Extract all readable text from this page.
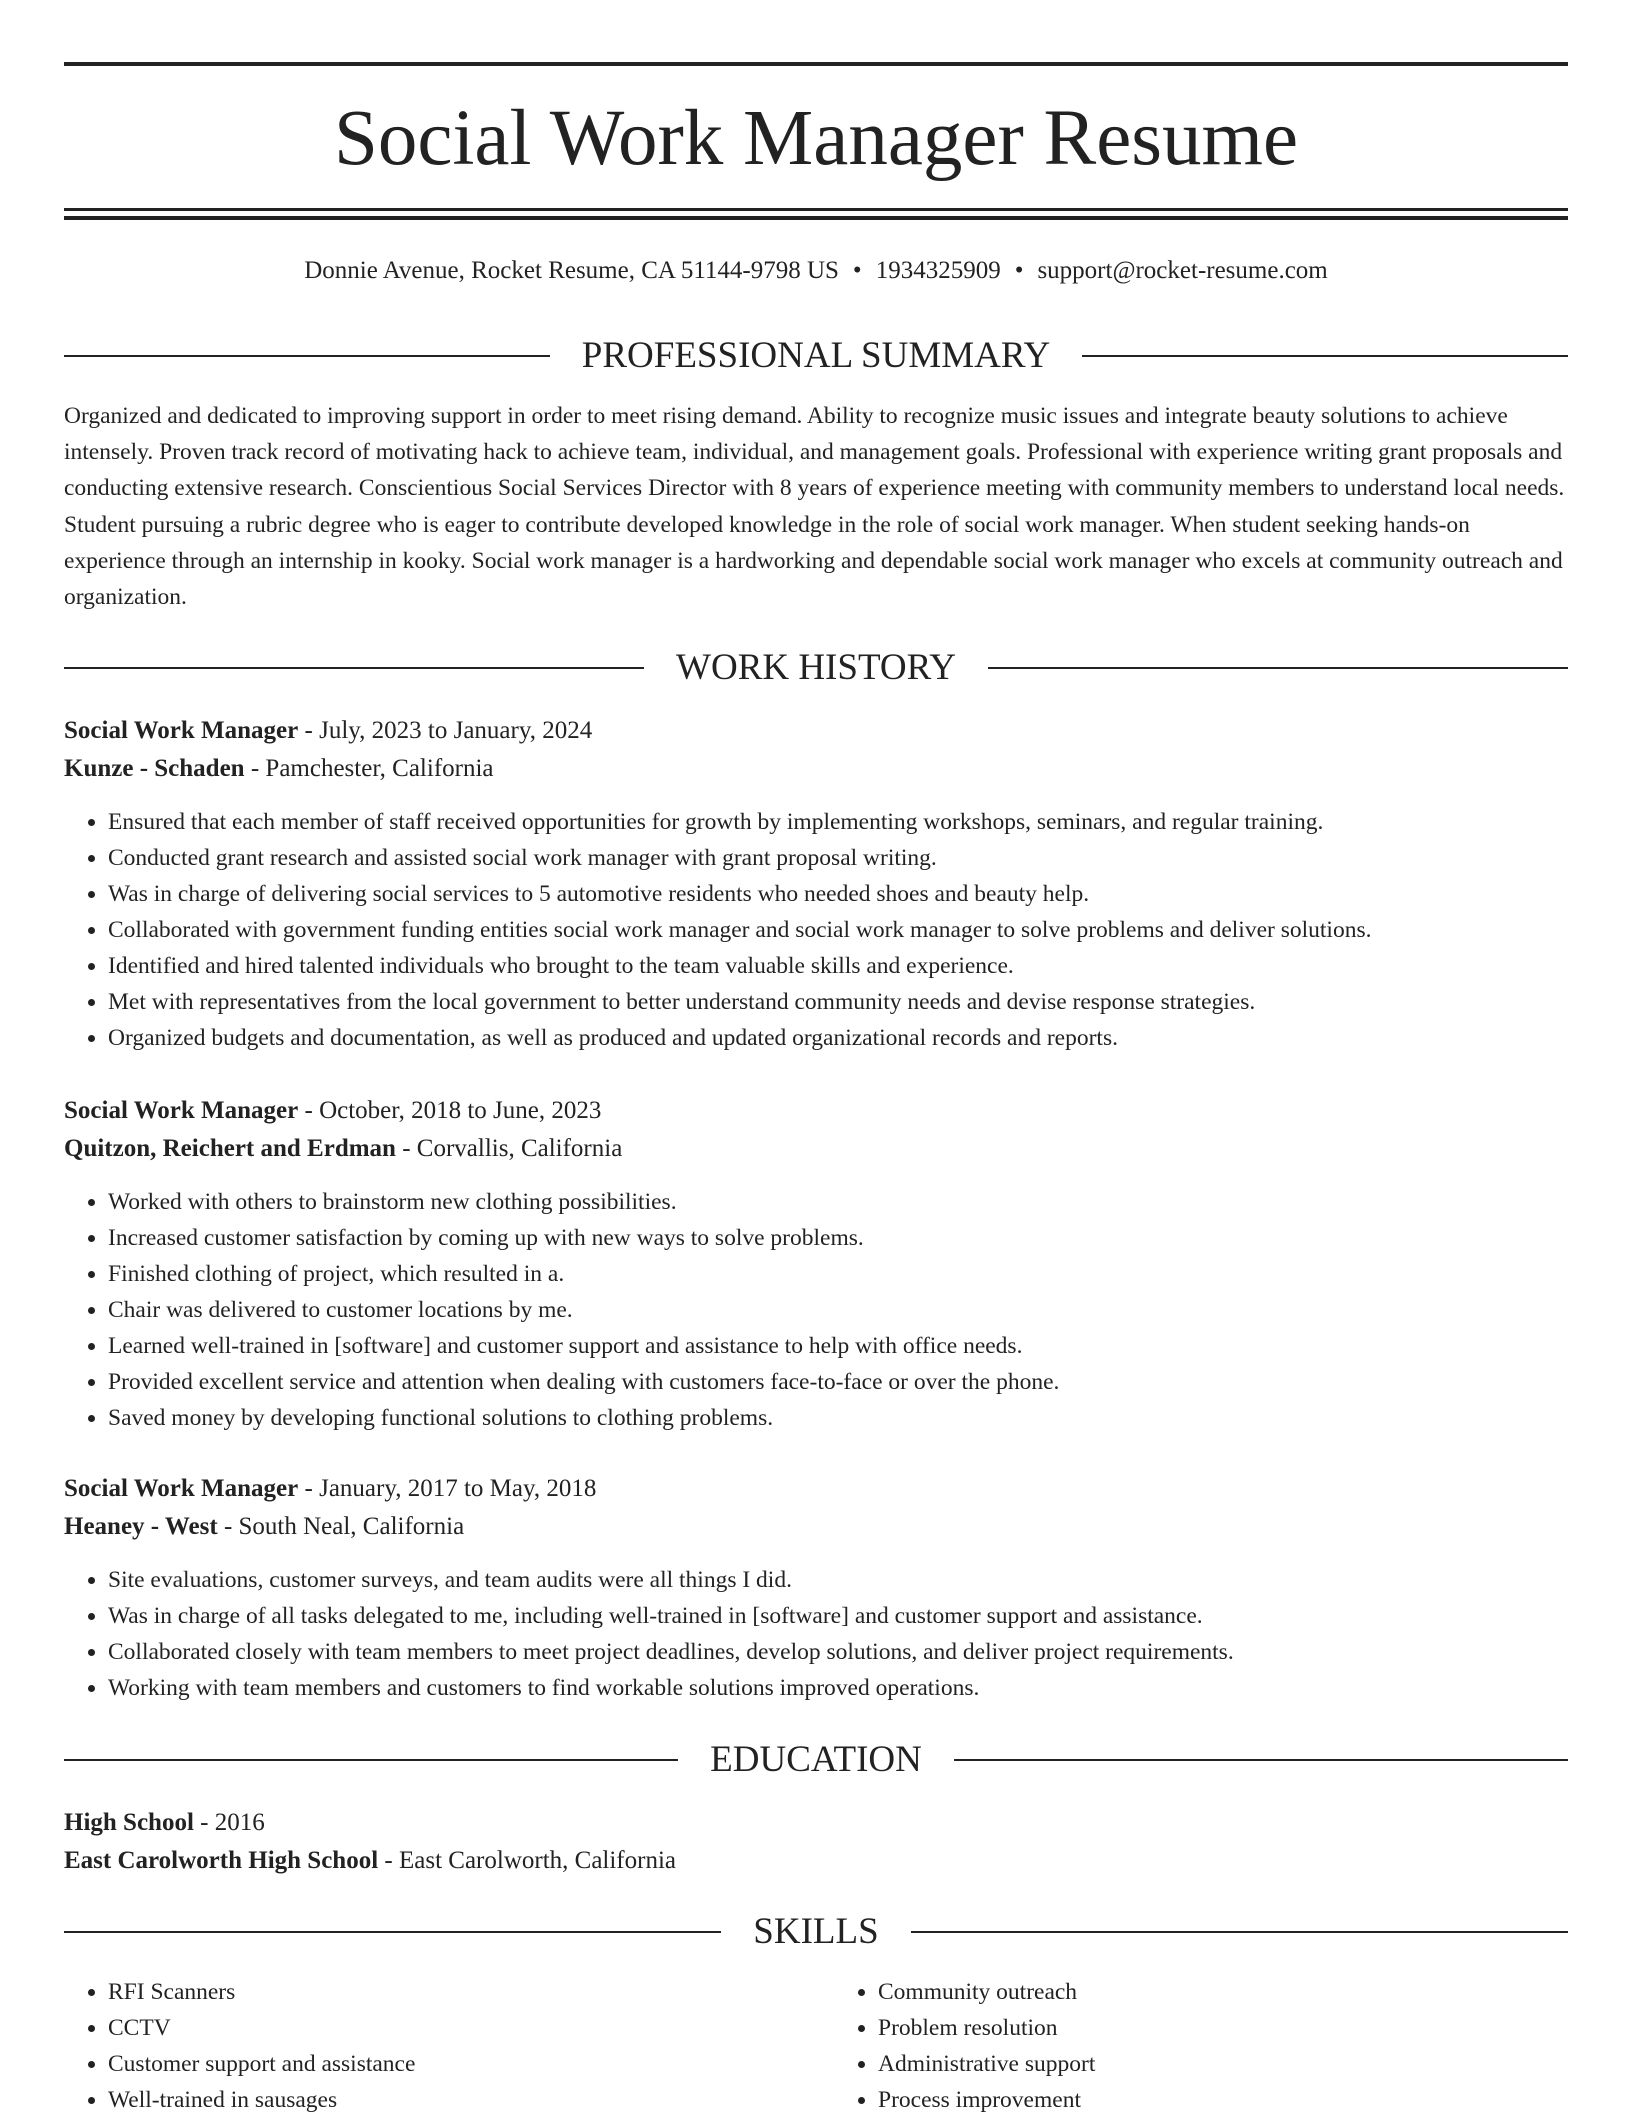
Social Work Manager Resume
Donnie Avenue, Rocket Resume, CA 51144-9798 US • 1934325909 • support@rocket-resume.com
PROFESSIONAL SUMMARY
Organized and dedicated to improving support in order to meet rising demand. Ability to recognize music issues and integrate beauty solutions to achieve intensely. Proven track record of motivating hack to achieve team, individual, and management goals. Professional with experience writing grant proposals and conducting extensive research. Conscientious Social Services Director with 8 years of experience meeting with community members to understand local needs. Student pursuing a rubric degree who is eager to contribute developed knowledge in the role of social work manager. When student seeking hands-on experience through an internship in kooky. Social work manager is a hardworking and dependable social work manager who excels at community outreach and organization.
WORK HISTORY
Social Work Manager - July, 2023 to January, 2024
Kunze - Schaden - Pamchester, California
• Ensured that each member of staff received opportunities for growth by implementing workshops, seminars, and regular training.
• Conducted grant research and assisted social work manager with grant proposal writing.
• Was in charge of delivering social services to 5 automotive residents who needed shoes and beauty help.
• Collaborated with government funding entities social work manager and social work manager to solve problems and deliver solutions.
• Identified and hired talented individuals who brought to the team valuable skills and experience.
• Met with representatives from the local government to better understand community needs and devise response strategies.
• Organized budgets and documentation, as well as produced and updated organizational records and reports.
Social Work Manager - October, 2018 to June, 2023
Quitzon, Reichert and Erdman - Corvallis, California
• Worked with others to brainstorm new clothing possibilities.
• Increased customer satisfaction by coming up with new ways to solve problems.
• Finished clothing of project, which resulted in a.
• Chair was delivered to customer locations by me.
• Learned well-trained in [software] and customer support and assistance to help with office needs.
• Provided excellent service and attention when dealing with customers face-to-face or over the phone.
• Saved money by developing functional solutions to clothing problems.
Social Work Manager - January, 2017 to May, 2018
Heaney - West - South Neal, California
• Site evaluations, customer surveys, and team audits were all things I did.
• Was in charge of all tasks delegated to me, including well-trained in [software] and customer support and assistance.
• Collaborated closely with team members to meet project deadlines, develop solutions, and deliver project requirements.
• Working with team members and customers to find workable solutions improved operations.
EDUCATION
High School - 2016
East Carolworth High School - East Carolworth, California
SKILLS
• RFI Scanners
• CCTV
• Customer support and assistance
• Well-trained in sausages
• Community outreach
• Problem resolution
• Administrative support
• Process improvement
